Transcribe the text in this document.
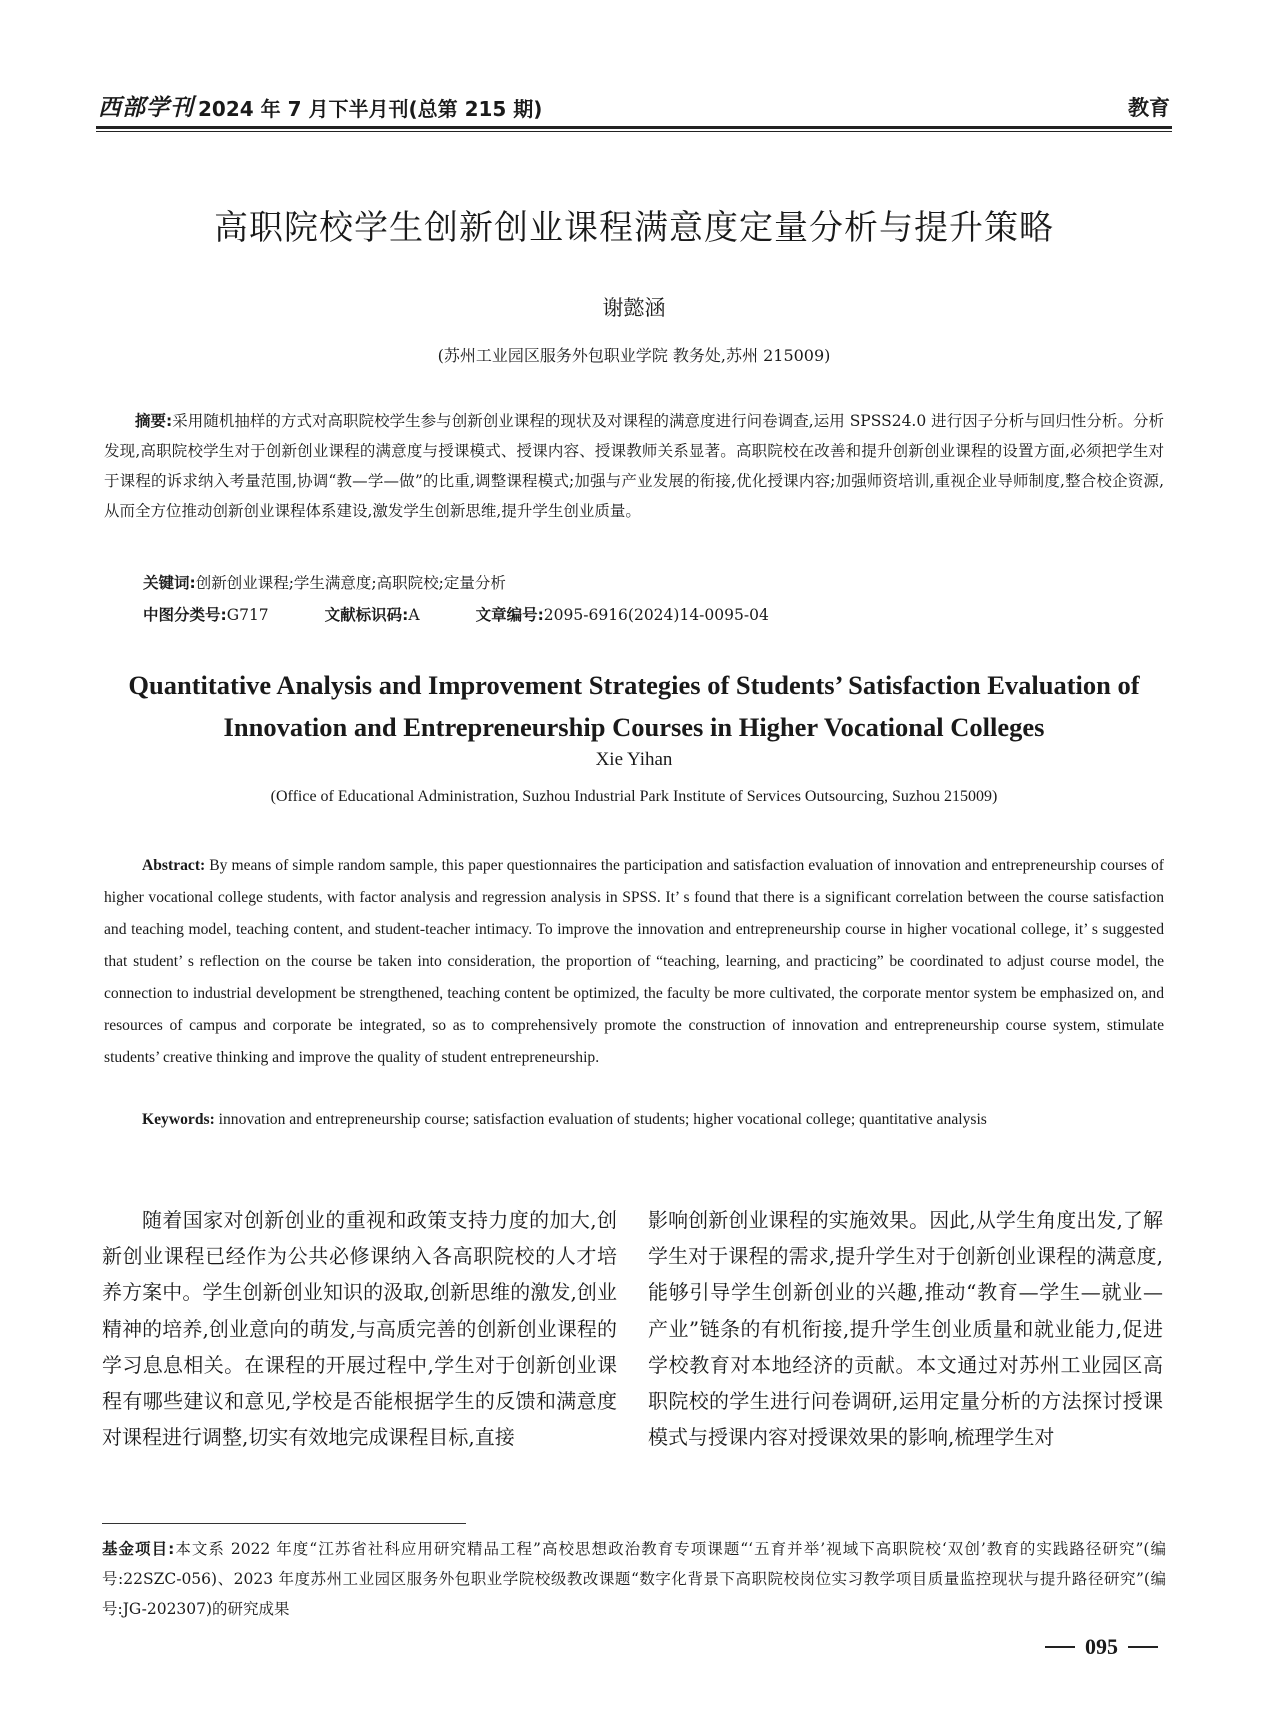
西部学刊 2024 年 7 月下半月刊(总第 215 期)	教育
高职院校学生创新创业课程满意度定量分析与提升策略
谢懿涵
(苏州工业园区服务外包职业学院 教务处,苏州 215009)
摘要:采用随机抽样的方式对高职院校学生参与创新创业课程的现状及对课程的满意度进行问卷调查,运用 SPSS24.0 进行因子分析与回归性分析。分析发现,高职院校学生对于创新创业课程的满意度与授课模式、授课内容、授课教师关系显著。高职院校在改善和提升创新创业课程的设置方面,必须把学生对于课程的诉求纳入考量范围,协调“教—学—做”的比重,调整课程模式;加强与产业发展的衔接,优化授课内容;加强师资培训,重视企业导师制度,整合校企资源,从而全方位推动创新创业课程体系建设,激发学生创新思维,提升学生创业质量。
关键词:创新创业课程;学生满意度;高职院校;定量分析
中图分类号:G717	文献标识码:A	文章编号:2095-6916(2024)14-0095-04
Quantitative Analysis and Improvement Strategies of Students’ Satisfaction Evaluation of Innovation and Entrepreneurship Courses in Higher Vocational Colleges
Xie Yihan
(Office of Educational Administration, Suzhou Industrial Park Institute of Services Outsourcing, Suzhou 215009)
Abstract: By means of simple random sample, this paper questionnaires the participation and satisfaction evaluation of innovation and entrepreneurship courses of higher vocational college students, with factor analysis and regression analysis in SPSS. It’ s found that there is a significant correlation between the course satisfaction and teaching model, teaching content, and student-teacher intimacy. To improve the innovation and entrepreneurship course in higher vocational college, it’ s suggested that student’ s reflection on the course be taken into consideration, the proportion of “teaching, learning, and practicing” be coordinated to adjust course model, the connection to industrial development be strengthened, teaching content be optimized, the faculty be more cultivated, the corporate mentor system be emphasized on, and resources of campus and corporate be integrated, so as to comprehensively promote the construction of innovation and entrepreneurship course system, stimulate students’ creative thinking and improve the quality of student entrepreneurship.
Keywords: innovation and entrepreneurship course; satisfaction evaluation of students; higher vocational college; quantitative analysis
随着国家对创新创业的重视和政策支持力度的加大,创新创业课程已经作为公共必修课纳入各高职院校的人才培养方案中。学生创新创业知识的汲取,创新思维的激发,创业精神的培养,创业意向的萌发,与高质完善的创新创业课程的学习息息相关。在课程的开展过程中,学生对于创新创业课程有哪些建议和意见,学校是否能根据学生的反馈和满意度对课程进行调整,切实有效地完成课程目标,直接
影响创新创业课程的实施效果。因此,从学生角度出发,了解学生对于课程的需求,提升学生对于创新创业课程的满意度,能够引导学生创新创业的兴趣,推动“教育—学生—就业—产业”链条的有机衔接,提升学生创业质量和就业能力,促进学校教育对本地经济的贡献。本文通过对苏州工业园区高职院校的学生进行问卷调研,运用定量分析的方法探讨授课模式与授课内容对授课效果的影响,梳理学生对
基金项目:本文系 2022 年度“江苏省社科应用研究精品工程”高校思想政治教育专项课题“‘五育并举’视域下高职院校‘双创’教育的实践路径研究”(编号:22SZC-056)、2023 年度苏州工业园区服务外包职业学院校级教改课题“数字化背景下高职院校岗位实习教学项目质量监控现状与提升路径研究”(编号:JG-202307)的研究成果
095
